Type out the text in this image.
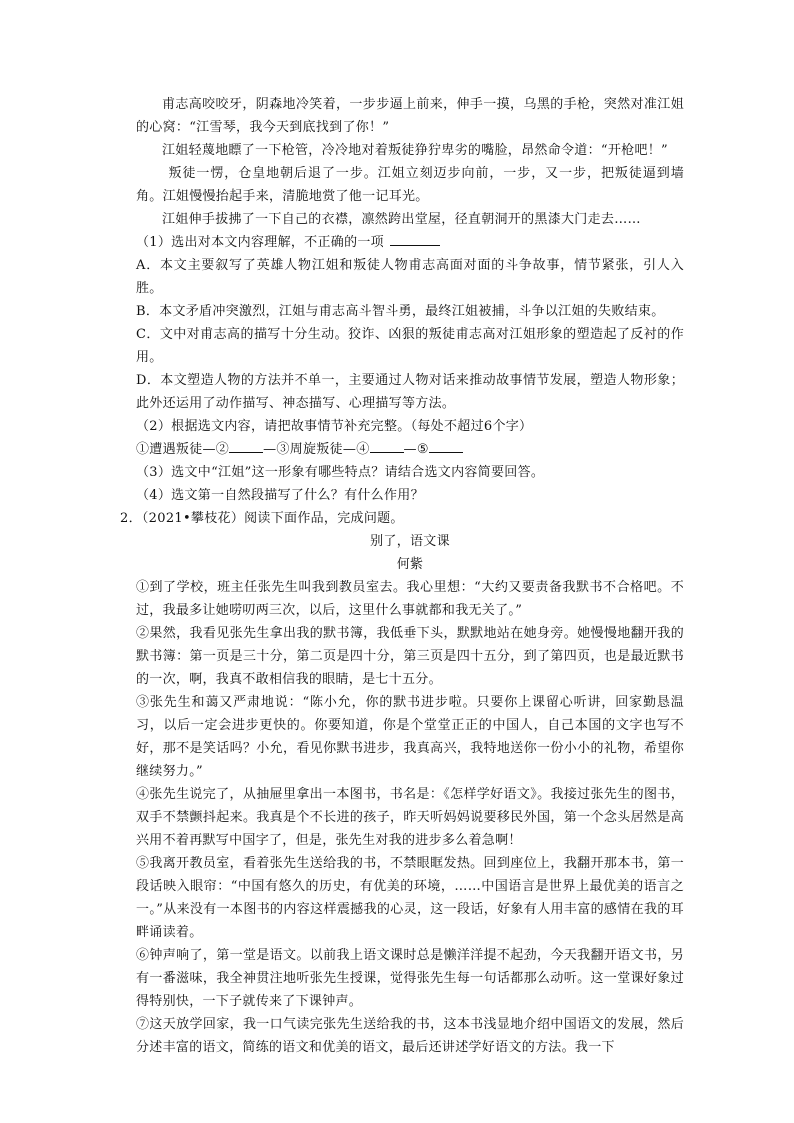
甫志高咬咬牙，阴森地冷笑着，一步步逼上前来，伸手一摸，乌黑的手枪，突然对准江姐的心窝：“江雪琴，我今天到底找到了你！”

江姐轻蔑地瞟了一下枪管，冷冷地对着叛徒狰狞卑劣的嘴脸，昂然命令道：“开枪吧！”

叛徒一愣，仓皇地朝后退了一步。江姐立刻迈步向前，一步，又一步，把叛徒逼到墙角。江姐慢慢抬起手来，清脆地赏了他一记耳光。

江姐伸手拔拂了一下自己的衣襟，凛然跨出堂屋，径直朝洞开的黑漆大门走去……

（1）选出对本文内容理解，不正确的一项

A．本文主要叙写了英雄人物江姐和叛徒人物甫志高面对面的斗争故事，情节紧张，引人入胜。

B．本文矛盾冲突激烈，江姐与甫志高斗智斗勇，最终江姐被捕，斗争以江姐的失败结束。

C．文中对甫志高的描写十分生动。狡诈、凶狠的叛徒甫志高对江姐形象的塑造起了反衬的作用。

D．本文塑造人物的方法并不单一，主要通过人物对话来推动故事情节发展，塑造人物形象；此外还运用了动作描写、神态描写、心理描写等方法。

（2）根据选文内容，请把故事情节补充完整。（每处不超过6个字）

①遭遇叛徒—②	—③周旋叛徒—④	—⑤

（3）选文中“江姐”这一形象有哪些特点？请结合选文内容简要回答。

（4）选文第一自然段描写了什么？有什么作用？

2．（2021•攀枝花）阅读下面作品，完成问题。

别了，语文课

何紫

①到了学校，班主任张先生叫我到教员室去。我心里想：“大约又要责备我默书不合格吧。不过，我最多让她唠叨两三次，以后，这里什么事就都和我无关了。”

②果然，我看见张先生拿出我的默书簿，我低垂下头，默默地站在她身旁。她慢慢地翻开我的默书簿：第一页是三十分，第二页是四十分，第三页是四十五分，到了第四页，也是最近默书的一次，啊，我真不敢相信我的眼睛，是七十五分。

③张先生和蔼又严肃地说：“陈小允，你的默书进步啦。只要你上课留心听讲，回家勤恳温习，以后一定会进步更快的。你要知道，你是个堂堂正正的中国人，自己本国的文字也写不好，那不是笑话吗？小允，看见你默书进步，我真高兴，我特地送你一份小小的礼物，希望你继续努力。”

④张先生说完了，从抽屉里拿出一本图书，书名是：《怎样学好语文》。我接过张先生的图书，双手不禁颤抖起来。我真是个不长进的孩子，昨天听妈妈说要移民外国，第一个念头居然是高兴用不着再默写中国字了，但是，张先生对我的进步多么着急啊！

⑤我离开教员室，看着张先生送给我的书，不禁眼眶发热。回到座位上，我翻开那本书，第一段话映入眼帘：“中国有悠久的历史，有优美的环境，……中国语言是世界上最优美的语言之一。”从来没有一本图书的内容这样震撼我的心灵，这一段话，好象有人用丰富的感情在我的耳畔诵读着。

⑥钟声响了，第一堂是语文。以前我上语文课时总是懒洋洋提不起劲，今天我翻开语文书，另有一番滋味，我全神贯注地听张先生授课，觉得张先生每一句话都那么动听。这一堂课好象过得特别快，一下子就传来了下课钟声。

⑦这天放学回家，我一口气读完张先生送给我的书，这本书浅显地介绍中国语文的发展，然后分述丰富的语文，简练的语文和优美的语文，最后还讲述学好语文的方法。我一下
